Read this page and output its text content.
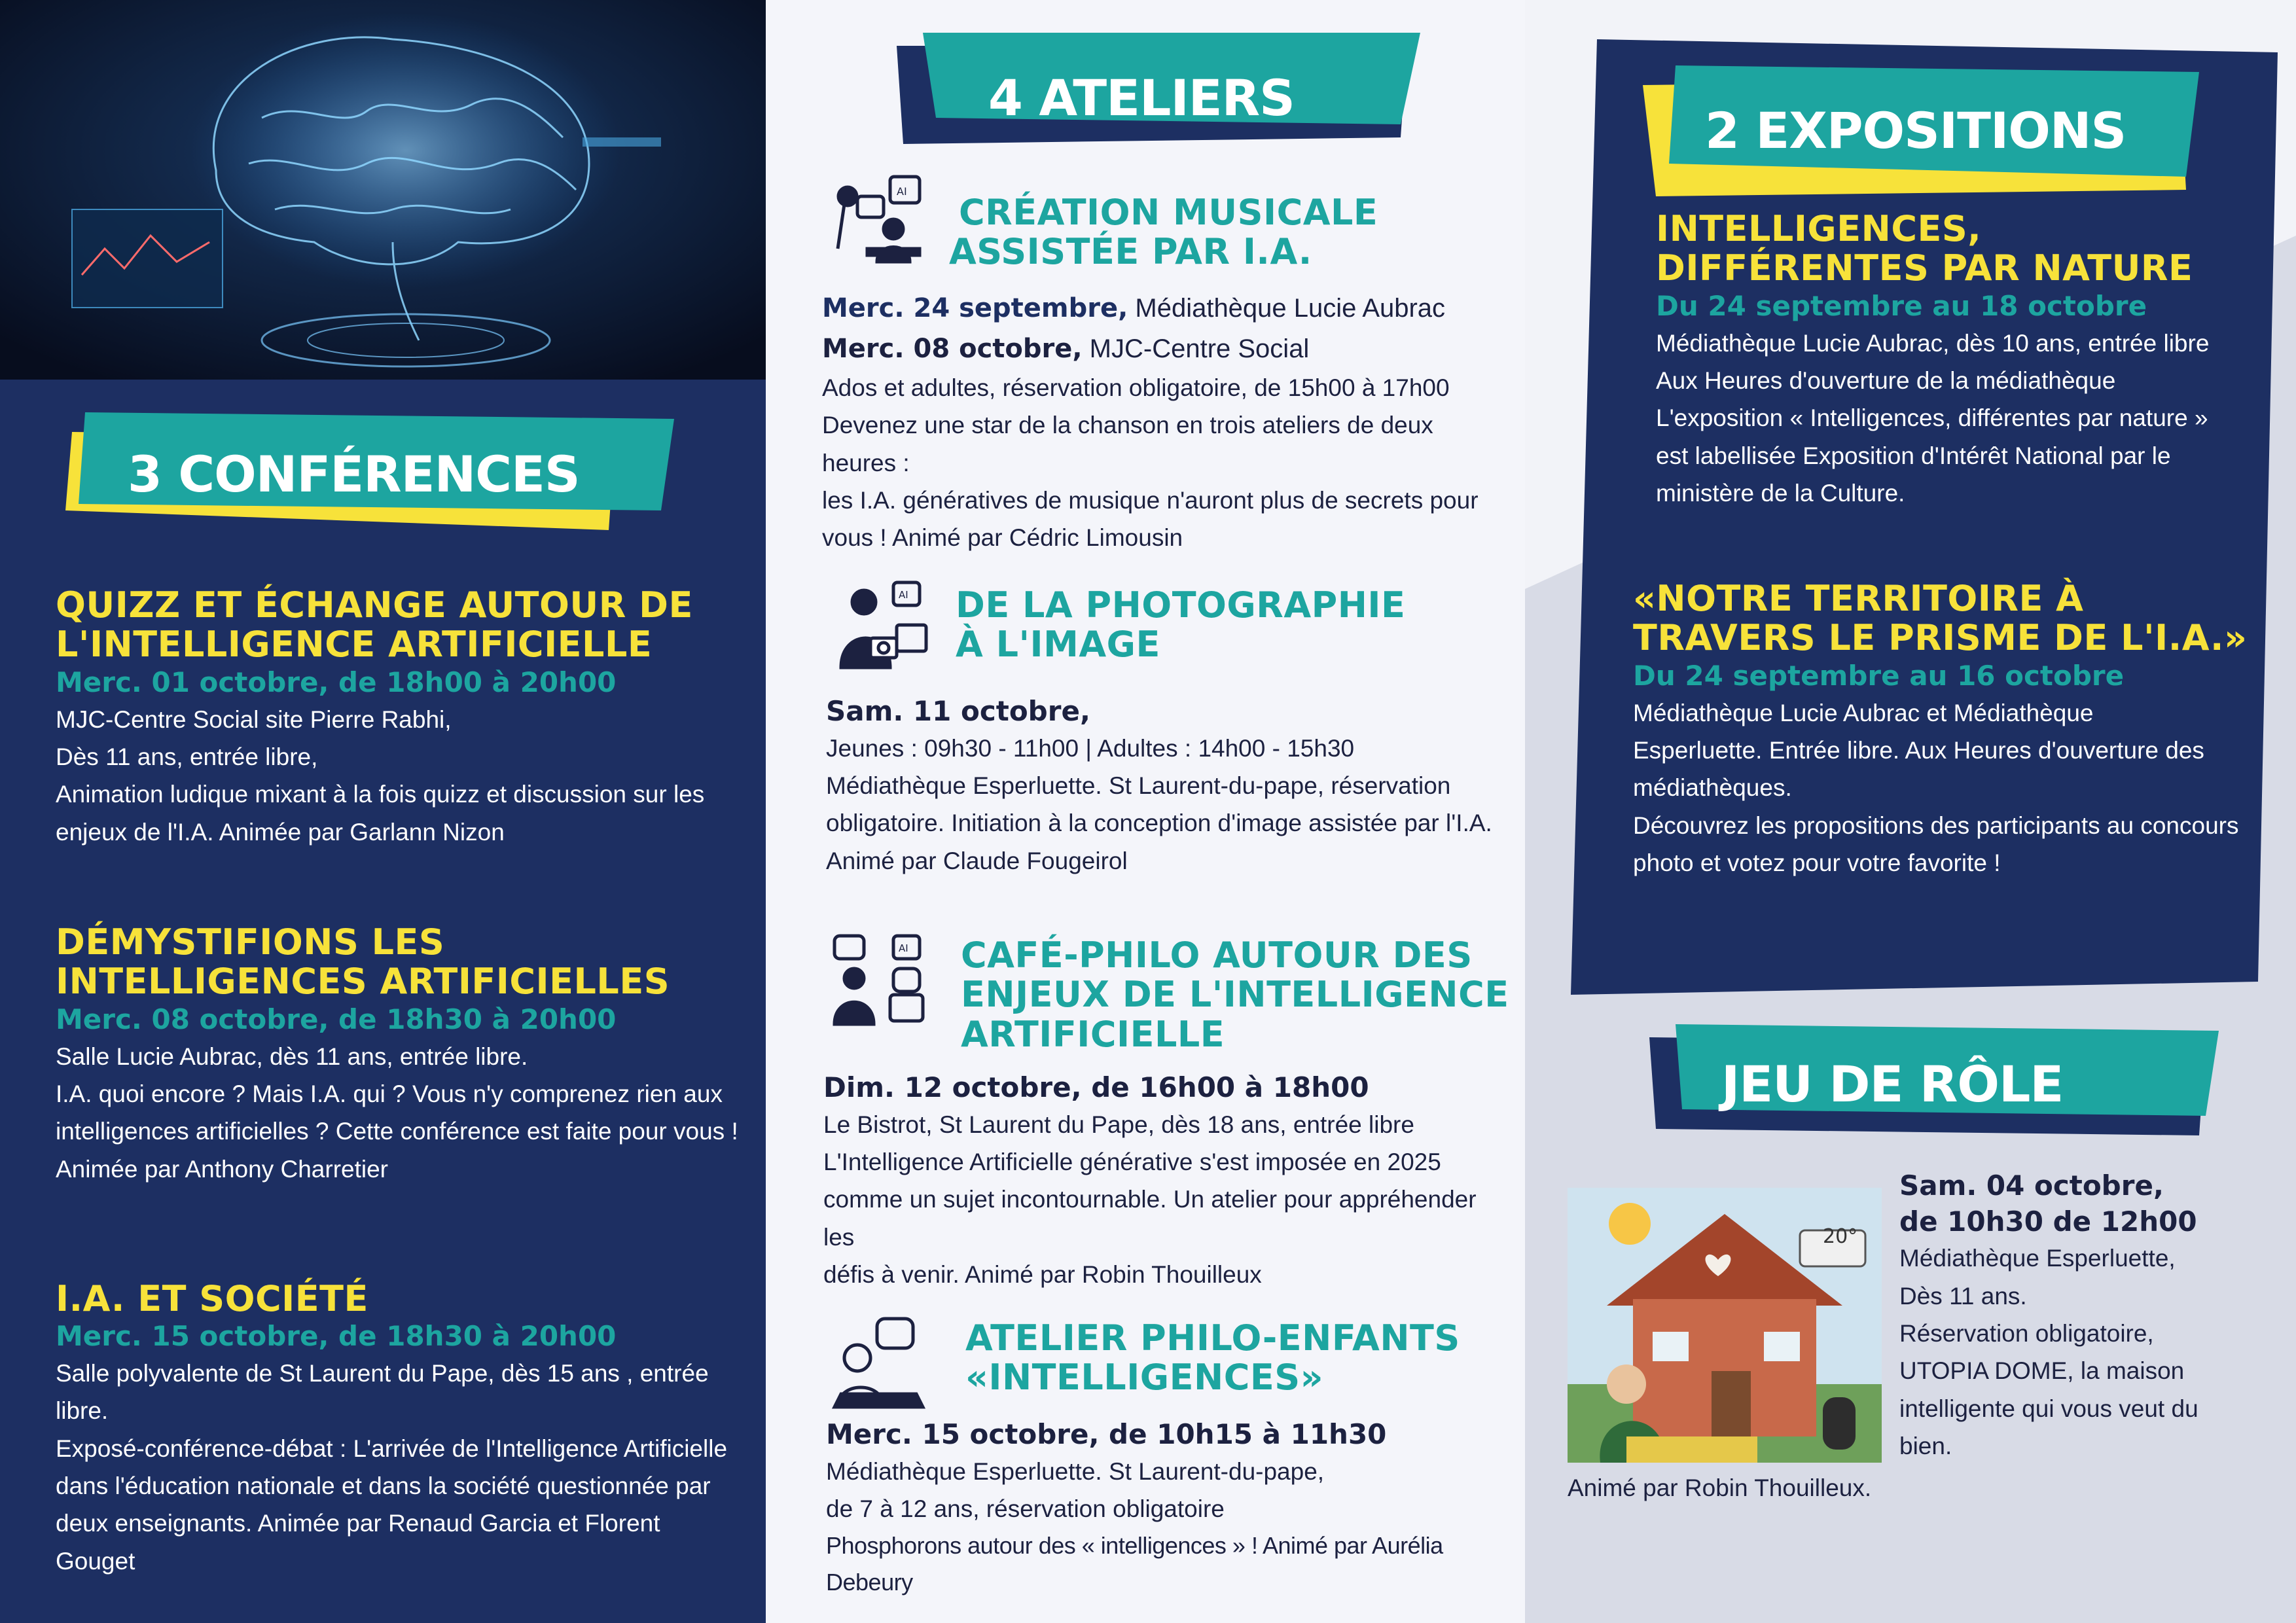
3 CONFÉRENCES
QUIZZ ET ÉCHANGE AUTOUR DE
L'INTELLIGENCE ARTIFICIELLE
Merc. 01 octobre, de 18h00 à 20h00
MJC-Centre Social site Pierre Rabhi,
Dès 11 ans, entrée libre,
Animation ludique mixant à la fois quizz et discussion sur les
enjeux de l'I.A. Animée par Garlann Nizon
DÉMYSTIFIONS LES
INTELLIGENCES ARTIFICIELLES
Merc. 08 octobre, de 18h30 à 20h00
Salle Lucie Aubrac, dès 11 ans, entrée libre.
I.A. quoi encore ? Mais I.A. qui ? Vous n'y comprenez rien aux
intelligences artificielles ? Cette conférence est faite pour vous !
Animée par Anthony Charretier
I.A. ET SOCIÉTÉ
Merc. 15 octobre, de 18h30 à 20h00
Salle polyvalente de St Laurent du Pape, dès 15 ans , entrée libre.
Exposé-conférence-débat : L'arrivée de l'Intelligence Artificielle
dans l'éducation nationale et dans la société questionnée par
deux enseignants. Animée par Renaud Garcia et Florent Gouget
4 ATELIERS
AI
CRÉATION MUSICALE
ASSISTÉE PAR I.A.
Merc. 24 septembre, Médiathèque Lucie Aubrac
Merc. 08 octobre, MJC-Centre Social
Ados et adultes, réservation obligatoire, de 15h00 à 17h00
Devenez une star de la chanson en trois ateliers de deux heures :
les I.A. génératives de musique n'auront plus de secrets pour
vous ! Animé par Cédric Limousin
AI DE LA PHOTOGRAPHIE
À L'IMAGE
Sam. 11 octobre,
Jeunes : 09h30 - 11h00 | Adultes : 14h00 - 15h30
Médiathèque Esperluette. St Laurent-du-pape, réservation
obligatoire. Initiation à la conception d'image assistée par l'I.A.
Animé par Claude Fougeirol
AI CAFÉ-PHILO AUTOUR DES
ENJEUX DE L'INTELLIGENCE
ARTIFICIELLE
Dim. 12 octobre, de 16h00 à 18h00
Le Bistrot, St Laurent du Pape, dès 18 ans, entrée libre
L'Intelligence Artificielle générative s'est imposée en 2025
comme un sujet incontournable. Un atelier pour appréhender les
défis à venir. Animé par Robin Thouilleux
ATELIER PHILO-ENFANTS
«INTELLIGENCES»
Merc. 15 octobre, de 10h15 à 11h30
Médiathèque Esperluette. St Laurent-du-pape,
de 7 à 12 ans, réservation obligatoire
Phosphorons autour des « intelligences » ! Animé par Aurélia Debeury
2 EXPOSITIONS
INTELLIGENCES,
DIFFÉRENTES PAR NATURE
Du 24 septembre au 18 octobre
Médiathèque Lucie Aubrac, dès 10 ans, entrée libre
Aux Heures d'ouverture de la médiathèque
L'exposition « Intelligences, différentes par nature »
est labellisée Exposition d'Intérêt National par le
ministère de la Culture.
«NOTRE TERRITOIRE À
TRAVERS LE PRISME DE L'I.A.»
Du 24 septembre au 16 octobre
Médiathèque Lucie Aubrac et Médiathèque
Esperluette. Entrée libre. Aux Heures d'ouverture des
médiathèques.
Découvrez les propositions des participants au concours
photo et votez pour votre favorite !
JEU DE RÔLE
20°
Animé par Robin Thouilleux.
Sam. 04 octobre,
de 10h30 de 12h00
Médiathèque Esperluette,
Dès 11 ans.
Réservation obligatoire,
UTOPIA DOME, la maison
intelligente qui vous veut du
bien.
